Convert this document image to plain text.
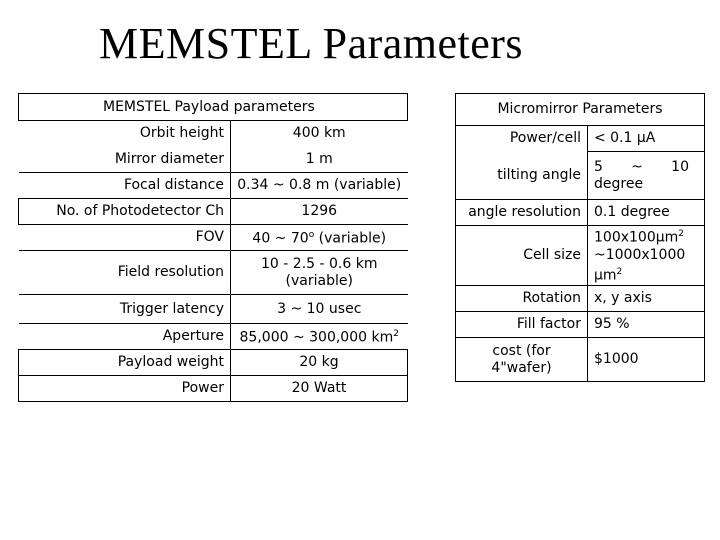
MEMSTEL Parameters
MEMSTEL Payload parameters	
Orbit height	400 km
Mirror diameter	1 m
Focal distance	0.34 ~ 0.8 m (variable)
No. of Photodetector Ch	1296
FOV	40 ~ 70$^o$ (variable)
Field resolution	10 - 2.5 - 0.6 km
(variable)

Trigger latency	3 ~ 10 usec
Aperture	85,000 ~ 300,000 $km^2$
Payload weight	20 kg
Power	20 Watt
Micromirror Parameters	
Power/cell	< 0.1 μA
tilting angle	5 ~ 10
degree

angle resolution	0.1 degree
Cell size	$100x100\mu m^2$
~1000x1000
$\mu m^2$

Rotation	x, y axis
Fill factor	95 %

cost (for
4"wafer)	$1000
